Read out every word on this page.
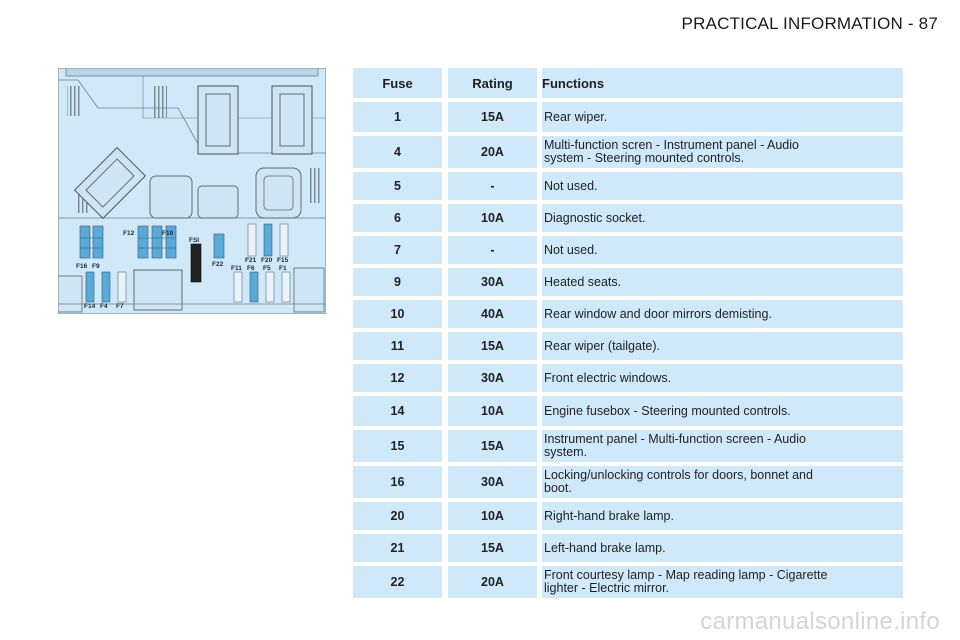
PRACTICAL INFORMATION - 87
F12	F10
F16 F9
F14 F4 F7
FSI
F22
F11 F6 F5 F1
F21 F20 F15
Fuse	Rating	Functions
1	15A	Rear wiper.
4	20A	Multi-function scren - Instrument panel - Audio system - Steering mounted controls.
5	-	Not used.
6	10A	Diagnostic socket.
7	-	Not used.
9	30A	Heated seats.
10	40A	Rear window and door mirrors demisting.
11	15A	Rear wiper (tailgate).
12	30A	Front electric windows.
14	10A	Engine fusebox - Steering mounted controls.
15	15A	Instrument panel - Multi-function screen - Audio system.
16	30A	Locking/unlocking controls for doors, bonnet and boot.
20	10A	Right-hand brake lamp.
21	15A	Left-hand brake lamp.
22	20A	Front courtesy lamp - Map reading lamp - Cigarette lighter - Electric mirror.
carmanualsonline.info
